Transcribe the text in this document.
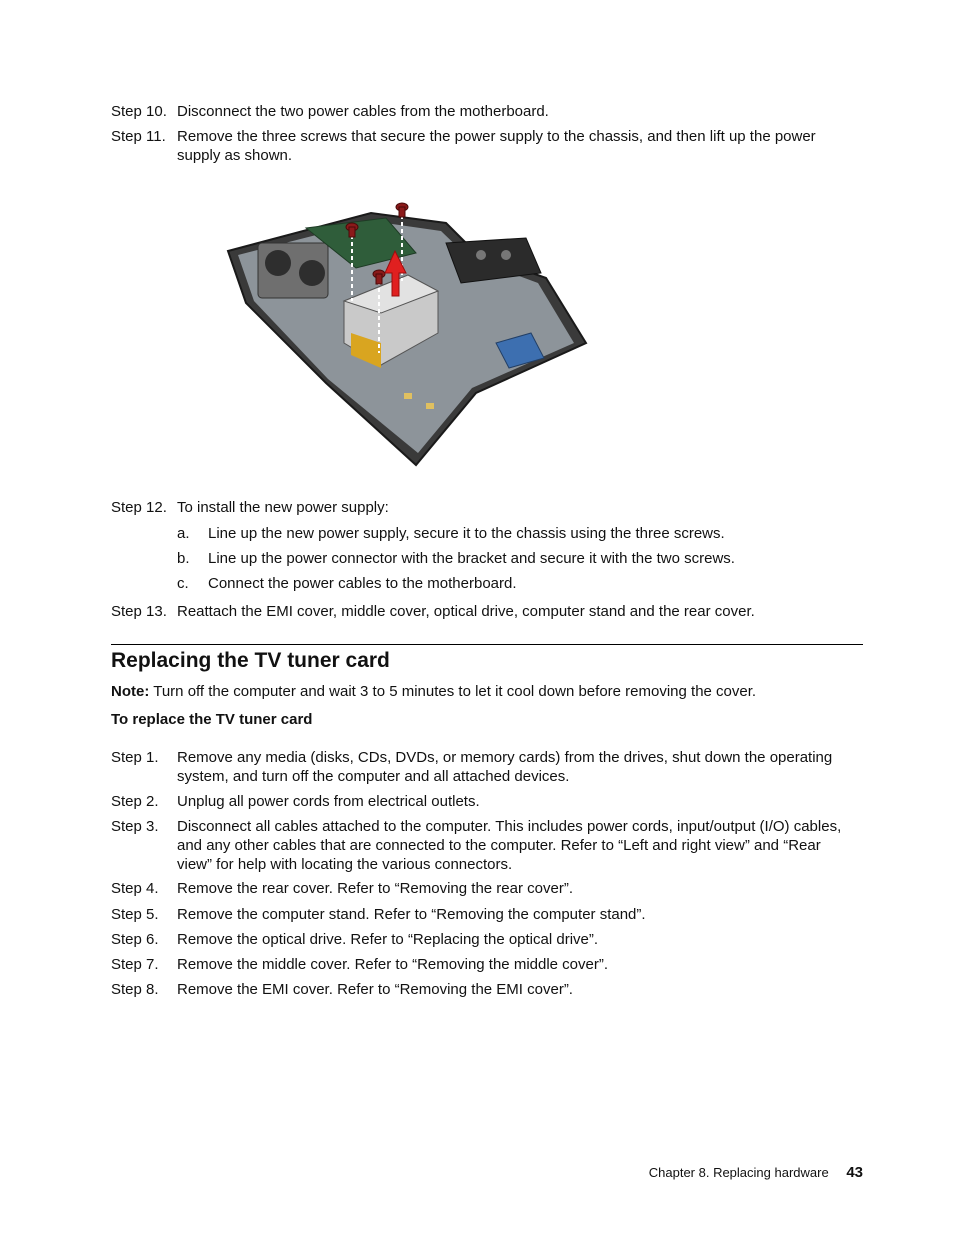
Step 10. Disconnect the two power cables from the motherboard.
Step 11. Remove the three screws that secure the power supply to the chassis, and then lift up the power supply as shown.
Step 12. To install the new power supply:
a. Line up the new power supply, secure it to the chassis using the three screws.
b. Line up the power connector with the bracket and secure it with the two screws.
c. Connect the power cables to the motherboard.
Step 13. Reattach the EMI cover, middle cover, optical drive, computer stand and the rear cover.
Replacing the TV tuner card
Note: Turn off the computer and wait 3 to 5 minutes to let it cool down before removing the cover.
To replace the TV tuner card
Step 1. Remove any media (disks, CDs, DVDs, or memory cards) from the drives, shut down the operating system, and turn off the computer and all attached devices.
Step 2. Unplug all power cords from electrical outlets.
Step 3. Disconnect all cables attached to the computer. This includes power cords, input/output (I/O) cables, and any other cables that are connected to the computer. Refer to “Left and right view” and “Rear view” for help with locating the various connectors.
Step 4. Remove the rear cover. Refer to “Removing the rear cover”.
Step 5. Remove the computer stand. Refer to “Removing the computer stand”.
Step 6. Remove the optical drive. Refer to “Replacing the optical drive”.
Step 7. Remove the middle cover. Refer to “Removing the middle cover”.
Step 8. Remove the EMI cover. Refer to “Removing the EMI cover”.
Chapter 8. Replacing hardware 43
